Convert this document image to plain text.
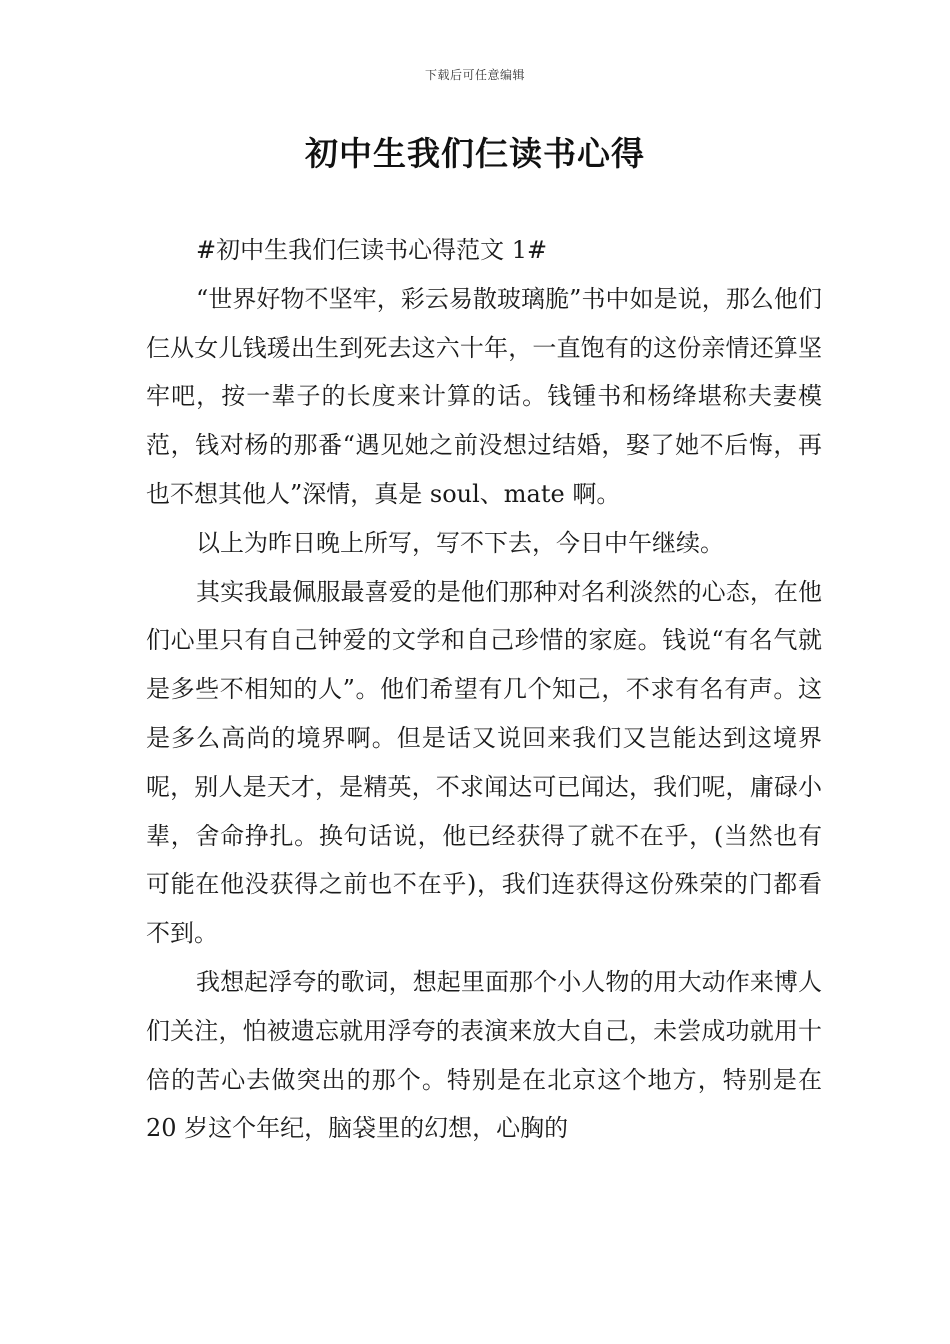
下载后可任意编辑
初中生我们仨读书心得

#初中生我们仨读书心得范文 1#

“世界好物不坚牢，彩云易散玻璃脆”书中如是说，那么他们仨从女儿钱瑗出生到死去这六十年，一直饱有的这份亲情还算坚牢吧，按一辈子的长度来计算的话。钱锺书和杨绛堪称夫妻模范，钱对杨的那番“遇见她之前没想过结婚，娶了她不后悔，再也不想其他人”深情，真是 soul、mate 啊。

以上为昨日晚上所写，写不下去，今日中午继续。

其实我最佩服最喜爱的是他们那种对名利淡然的心态，在他们心里只有自己钟爱的文学和自己珍惜的家庭。钱说“有名气就是多些不相知的人”。他们希望有几个知己，不求有名有声。这是多么高尚的境界啊。但是话又说回来我们又岂能达到这境界呢，别人是天才，是精英，不求闻达可已闻达，我们呢，庸碌小辈，舍命挣扎。换句话说，他已经获得了就不在乎，(当然也有可能在他没获得之前也不在乎)，我们连获得这份殊荣的门都看不到。

我想起浮夸的歌词，想起里面那个小人物的用大动作来博人们关注，怕被遗忘就用浮夸的表演来放大自己，未尝成功就用十倍的苦心去做突出的那个。特别是在北京这个地方，特别是在 20 岁这个年纪，脑袋里的幻想，心胸的
